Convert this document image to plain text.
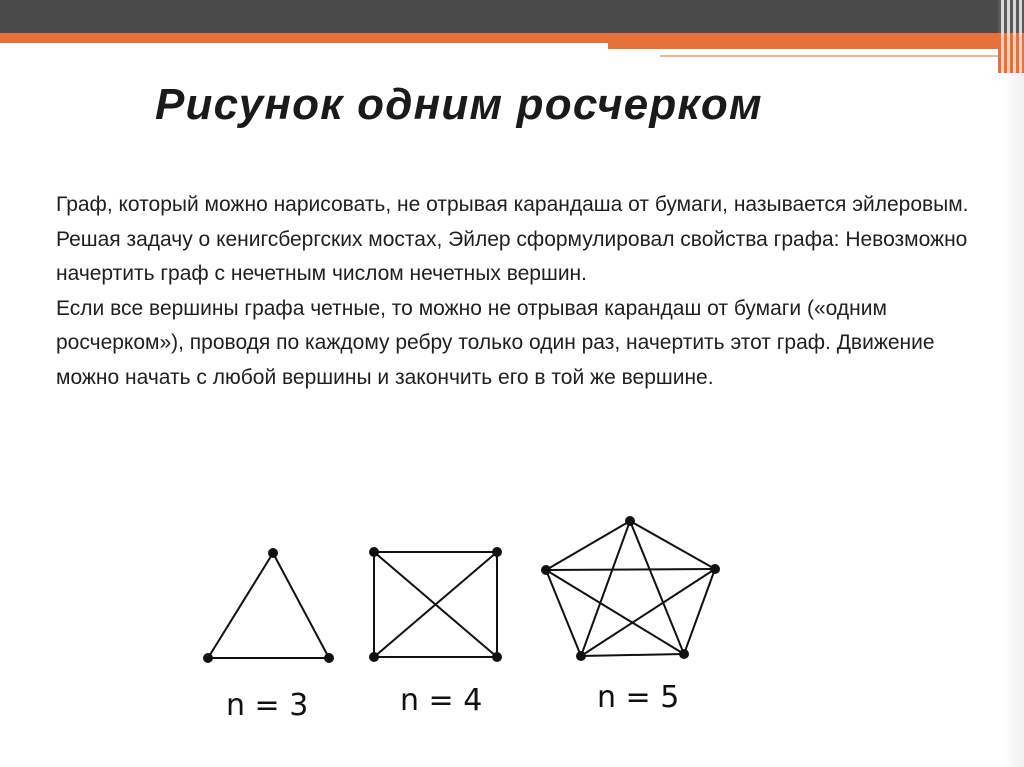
Рисунок одним росчерком

Граф, который можно нарисовать, не отрывая карандаша от бумаги, называется эйлеровым. Решая задачу о кенигсбергских мостах, Эйлер сформулировал свойства графа: Невозможно начертить граф с нечетным числом нечетных вершин.

Если все вершины графа четные, то можно не отрывая карандаш от бумаги («одним росчерком»), проводя по каждому ребру только один раз, начертить этот граф. Движение можно начать с любой вершины и закончить его в той же вершине.

n = 3	n = 4	n = 5
